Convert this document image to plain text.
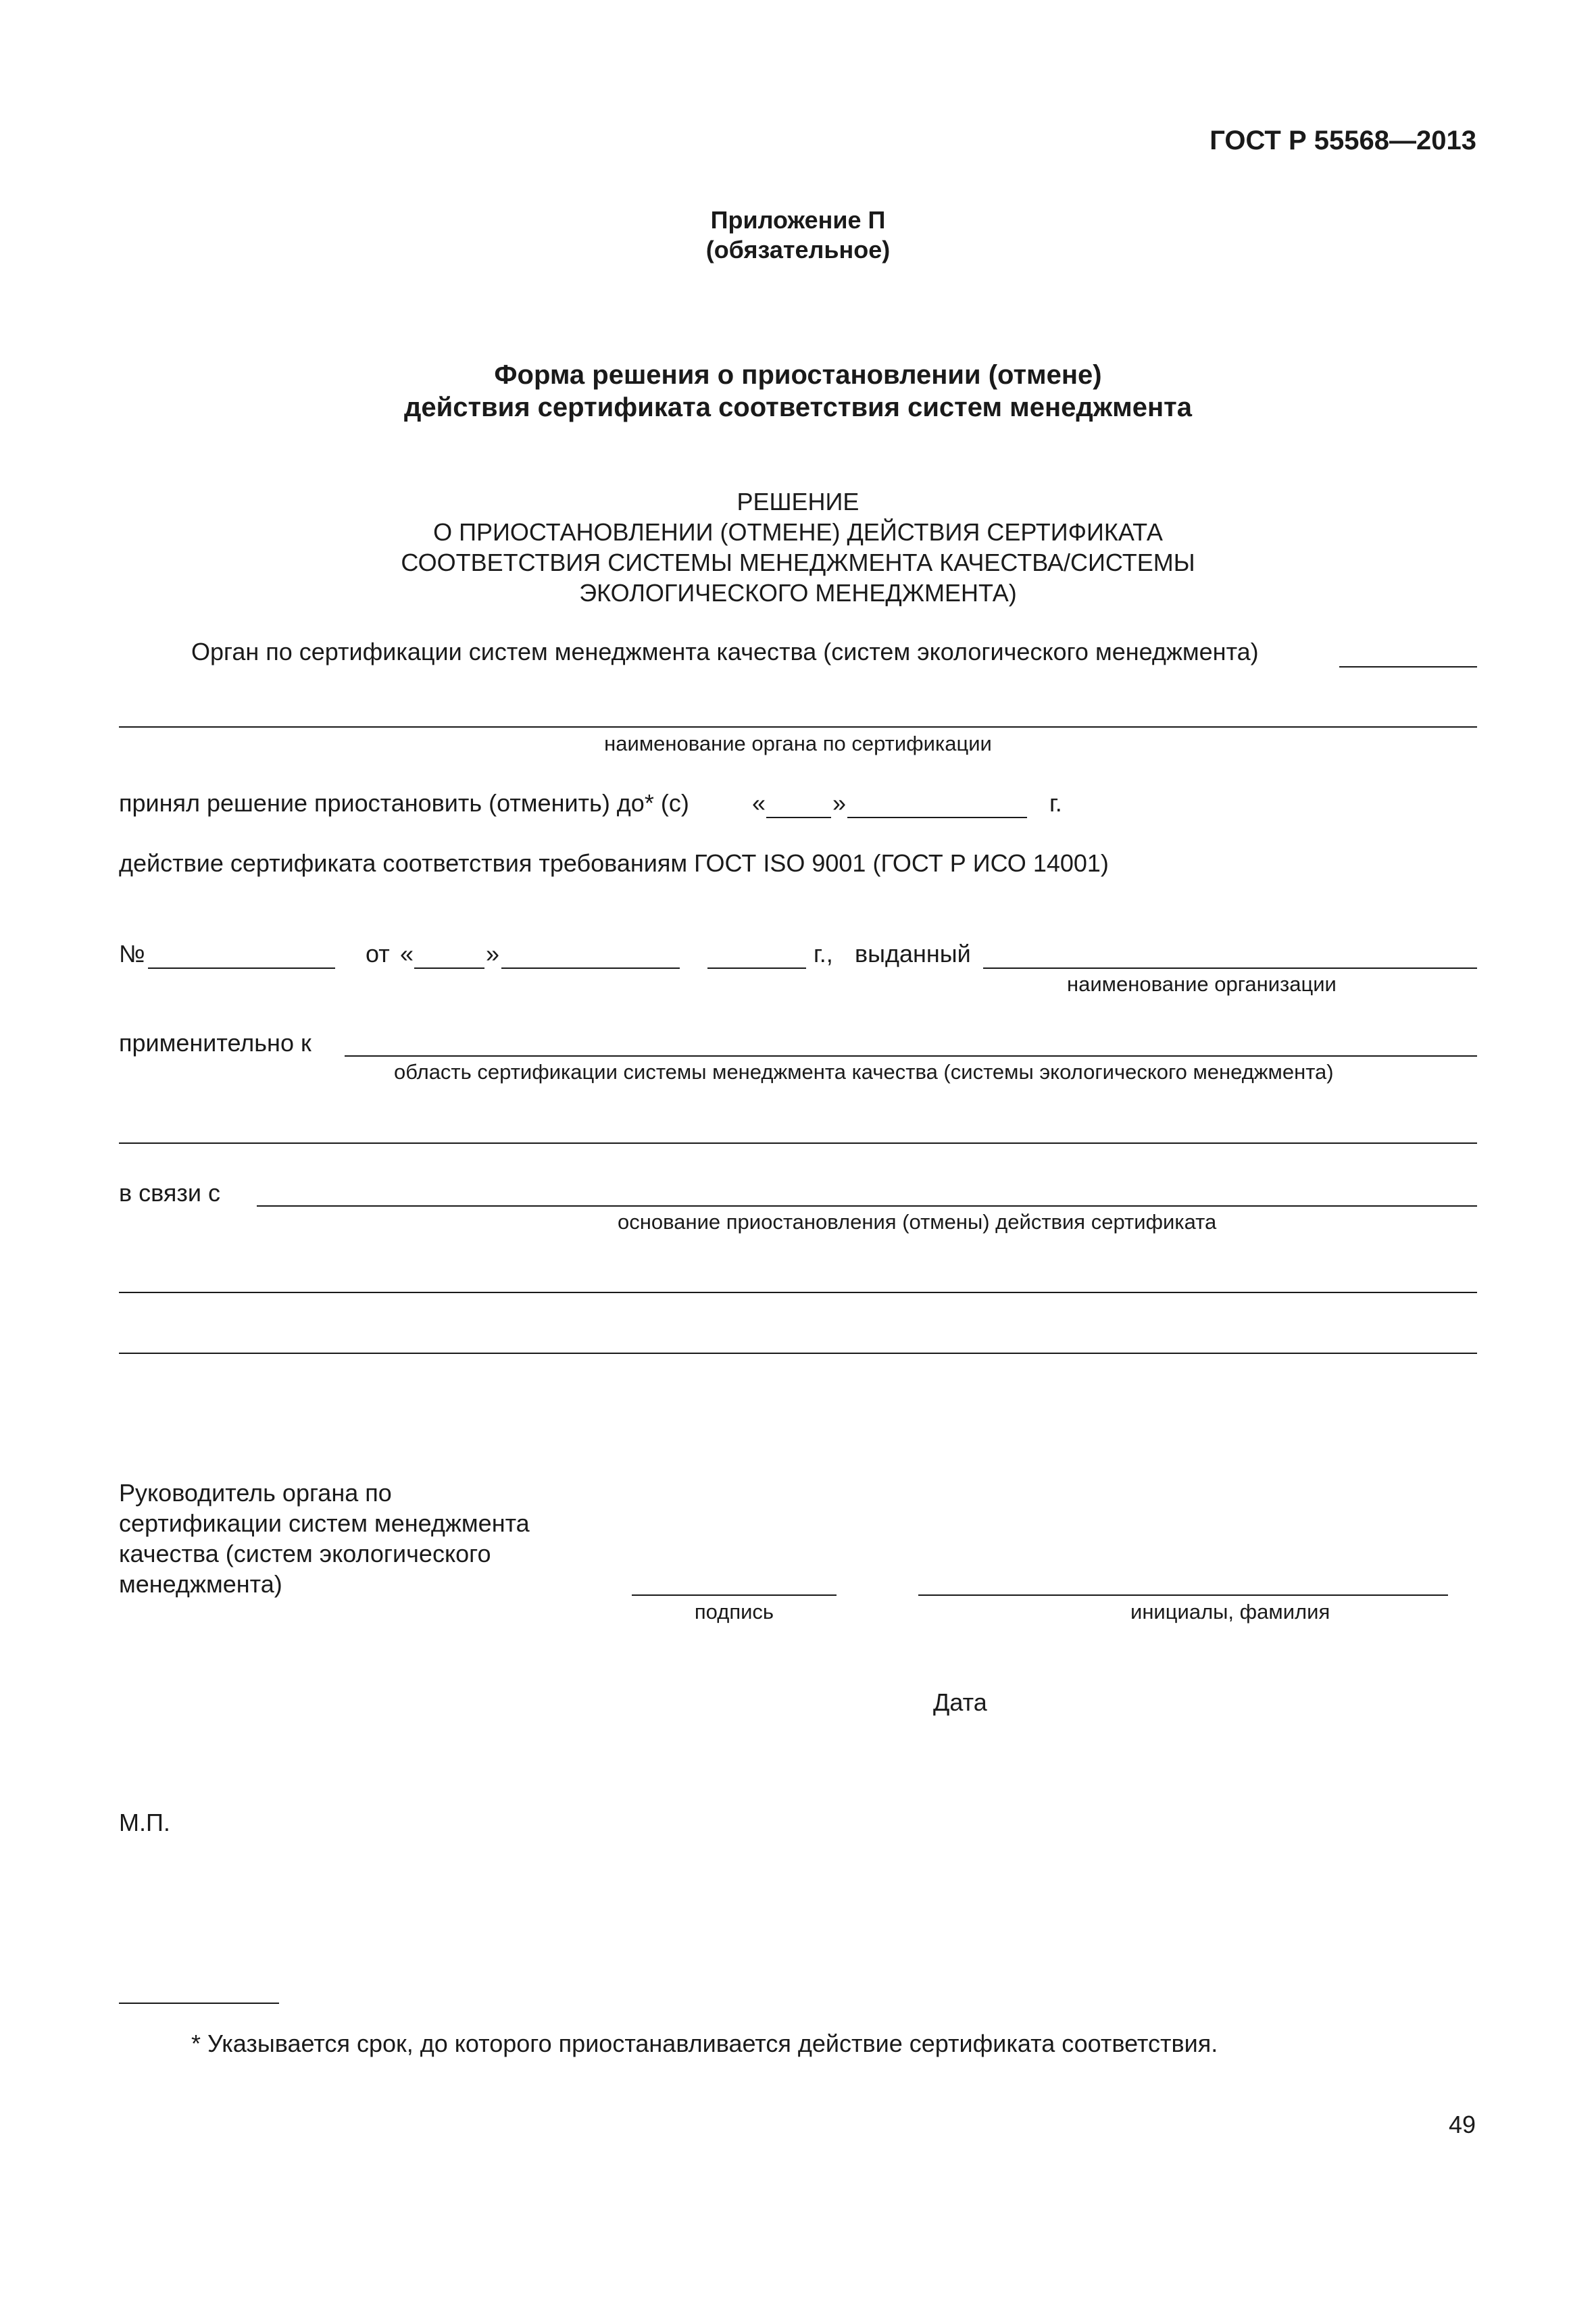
ГОСТ Р 55568—2013
Приложение П
(обязательное)
Форма решения о приостановлении (отмене)
действия сертификата соответствия систем менеджмента
РЕШЕНИЕ
О ПРИОСТАНОВЛЕНИИ (ОТМЕНЕ) ДЕЙСТВИЯ СЕРТИФИКАТА
СООТВЕТСТВИЯ СИСТЕМЫ МЕНЕДЖМЕНТА КАЧЕСТВА/СИСТЕМЫ
ЭКОЛОГИЧЕСКОГО МЕНЕДЖМЕНТА)
Орган по сертификации систем менеджмента качества (систем экологического менеджмента)
наименование органа по сертификации
принял решение приостановить (отменить) до* (с)	«	»	г.
действие сертификата соответствия требованиям ГОСТ ISO 9001 (ГОСТ Р ИСО 14001)
№	от «	»	г., выданный
наименование организации
применительно к
область сертификации системы менеджмента качества (системы экологического менеджмента)
в связи с
основание приостановления (отмены) действия сертификата
Руководитель органа по
сертификации систем менеджмента
качества (систем экологического
менеджмента)
подпись	инициалы, фамилия
Дата
М.П.
* Указывается срок, до которого приостанавливается действие сертификата соответствия.
49
